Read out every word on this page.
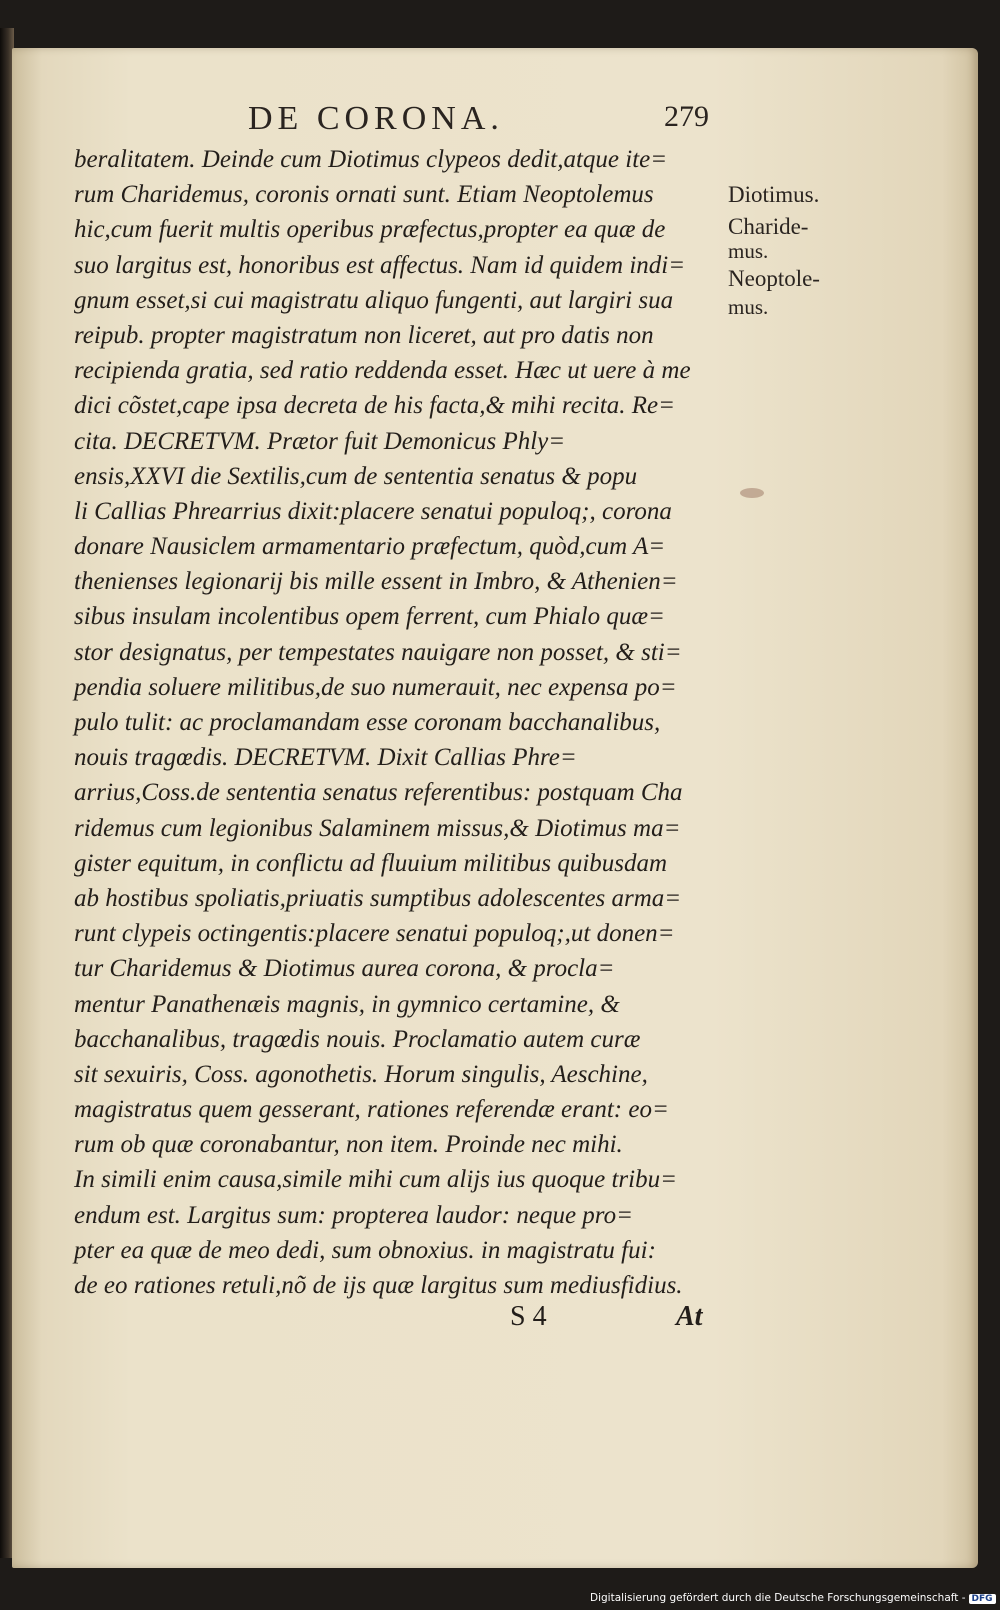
DE CORONA.	279
beralitatem. Deinde cum Diotimus clypeos dedit,atque ite=
rum Charidemus, coronis ornati sunt. Etiam Neoptolemus
hic,cum fuerit multis operibus præfectus,propter ea quæ de
suo largitus est, honoribus est affectus. Nam id quidem indi=
gnum esset,si cui magistratu aliquo fungenti, aut largiri sua
reipub. propter magistratum non liceret, aut pro datis non
recipienda gratia, sed ratio reddenda esset. Hæc ut uere à me
dici cõstet,cape ipsa decreta de his facta,& mihi recita. Re=
cita. DECRETVM. Prætor fuit Demonicus Phly=
ensis,XXVI die Sextilis,cum de sententia senatus & popu
li Callias Phrearrius dixit:placere senatui populoq;, corona
donare Nausiclem armamentario præfectum, quòd,cum A=
thenienses legionarij bis mille essent in Imbro, & Athenien=
sibus insulam incolentibus opem ferrent, cum Phialo quæ=
stor designatus, per tempestates nauigare non posset, & sti=
pendia soluere militibus,de suo numerauit, nec expensa po=
pulo tulit: ac proclamandam esse coronam bacchanalibus,
nouis tragœdis. DECRETVM. Dixit Callias Phre=
arrius,Coss.de sententia senatus referentibus: postquam Cha
ridemus cum legionibus Salaminem missus,& Diotimus ma=
gister equitum, in conflictu ad fluuium militibus quibusdam
ab hostibus spoliatis,priuatis sumptibus adolescentes arma=
runt clypeis octingentis:placere senatui populoq;,ut donen=
tur Charidemus & Diotimus aurea corona, & procla=
mentur Panathenæis magnis, in gymnico certamine, &
bacchanalibus, tragœdis nouis. Proclamatio autem curæ
sit sexuiris, Coss. agonothetis. Horum singulis, Aeschine,
magistratus quem gesserant, rationes referendæ erant: eo=
rum ob quæ coronabantur, non item. Proinde nec mihi.
In simili enim causa,simile mihi cum alijs ius quoque tribu=
endum est. Largitus sum: propterea laudor: neque pro=
pter ea quæ de meo dedi, sum obnoxius. in magistratu fui:
de eo rationes retuli,nõ de ijs quæ largitus sum mediusfidius.
Diotimus.
Charide-
mus.
Neoptole-
mus.
S 4	At
Digitalisierung gefördert durch die Deutsche Forschungsgemeinschaft - DFG
